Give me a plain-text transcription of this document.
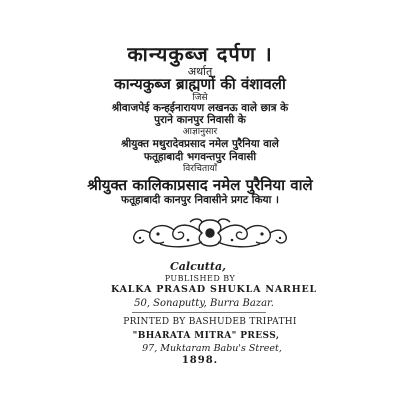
कान्यकुब्ज दर्पण ।
अर्थात्
कान्यकुब्ज ब्राह्मणों की वंशावली
जिसे
श्रीवाजपेई कन्हईनारायण लखनऊ वाले छात्र के
पुराने कानपुर निवासी के
आज्ञानुसार
श्रीयुक्त मथुरादेवप्रसाद नमेल पुरैनिया वाले
फतूहाबादी भगवन्तपुर निवासी
विरचितायाँ
श्रीयुक्त कालिकाप्रसाद नमेल पुरैनिया वाले
फतूहाबादी कानपुर निवासीने प्रगट किया ।
Calcutta,
PUBLISHED BY
KALKA PRASAD SHUKLA NARHEL
50, Sonaputty, Burra Bazar.
PRINTED BY BASHUDEB TRIPATHI
"BHARATA MITRA" PRESS,
97, Muktaram Babu's Street,
1898.
